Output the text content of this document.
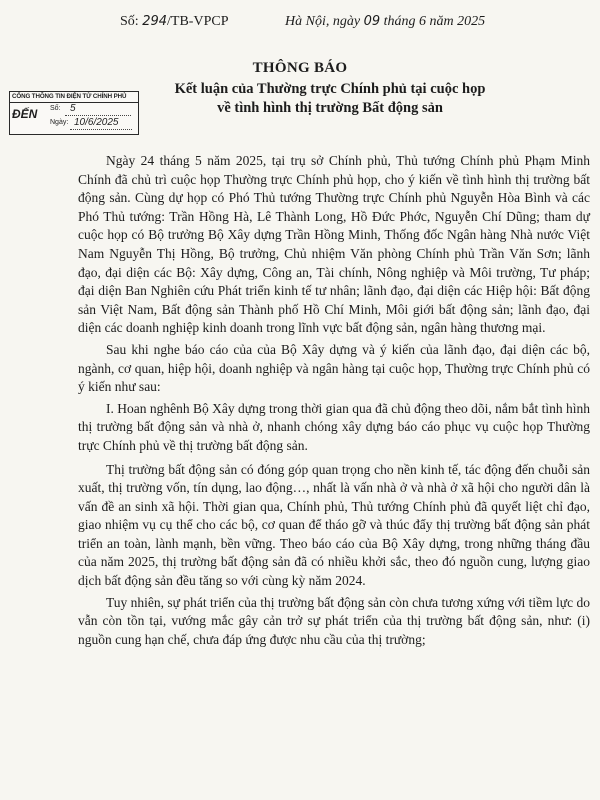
Số: 294/TB-VPCP	Hà Nội, ngày 09 tháng 6 năm 2025
THÔNG BÁO
Kết luận của Thường trực Chính phủ tại cuộc họp
về tình hình thị trường Bất động sản
CỔNG THÔNG TIN ĐIỆN TỬ CHÍNH PHỦ
ĐẾN Số: 5
Ngày: 10/6/2025

Ngày 24 tháng 5 năm 2025, tại trụ sở Chính phủ, Thủ tướng Chính phủ Phạm Minh Chính đã chủ trì cuộc họp Thường trực Chính phủ họp, cho ý kiến về tình hình thị trường bất động sản. Cùng dự họp có Phó Thủ tướng Thường trực Chính phủ Nguyễn Hòa Bình và các Phó Thủ tướng: Trần Hồng Hà, Lê Thành Long, Hồ Đức Phớc, Nguyễn Chí Dũng; tham dự cuộc họp có Bộ trưởng Bộ Xây dựng Trần Hồng Minh, Thống đốc Ngân hàng Nhà nước Việt Nam Nguyễn Thị Hồng, Bộ trưởng, Chủ nhiệm Văn phòng Chính phủ Trần Văn Sơn; lãnh đạo, đại diện các Bộ: Xây dựng, Công an, Tài chính, Nông nghiệp và Môi trường, Tư pháp; đại diện Ban Nghiên cứu Phát triển kinh tế tư nhân; lãnh đạo, đại diện các Hiệp hội: Bất động sản Việt Nam, Bất động sản Thành phố Hồ Chí Minh, Môi giới bất động sản; lãnh đạo, đại diện các doanh nghiệp kinh doanh trong lĩnh vực bất động sản, ngân hàng thương mại.

Sau khi nghe báo cáo của của Bộ Xây dựng và ý kiến của lãnh đạo, đại diện các bộ, ngành, cơ quan, hiệp hội, doanh nghiệp và ngân hàng tại cuộc họp, Thường trực Chính phủ có ý kiến như sau:

I. Hoan nghênh Bộ Xây dựng trong thời gian qua đã chủ động theo dõi, nắm bắt tình hình thị trường bất động sản và nhà ở, nhanh chóng xây dựng báo cáo phục vụ cuộc họp Thường trực Chính phủ về thị trường bất động sản.

Thị trường bất động sản có đóng góp quan trọng cho nền kinh tế, tác động đến chuỗi sản xuất, thị trường vốn, tín dụng, lao động…, nhất là vấn nhà ở và nhà ở xã hội cho người dân là vấn đề an sinh xã hội. Thời gian qua, Chính phủ, Thủ tướng Chính phủ đã quyết liệt chỉ đạo, giao nhiệm vụ cụ thể cho các bộ, cơ quan để tháo gỡ và thúc đẩy thị trường bất động sản phát triển an toàn, lành mạnh, bền vững. Theo báo cáo của Bộ Xây dựng, trong những tháng đầu của năm 2025, thị trường bất động sản đã có nhiều khởi sắc, theo đó nguồn cung, lượng giao dịch bất động sản đều tăng so với cùng kỳ năm 2024.

Tuy nhiên, sự phát triển của thị trường bất động sản còn chưa tương xứng với tiềm lực do vẫn còn tồn tại, vướng mắc gây cản trở sự phát triển của thị trường bất động sản, như: (i) nguồn cung hạn chế, chưa đáp ứng được nhu cầu của thị trường;
